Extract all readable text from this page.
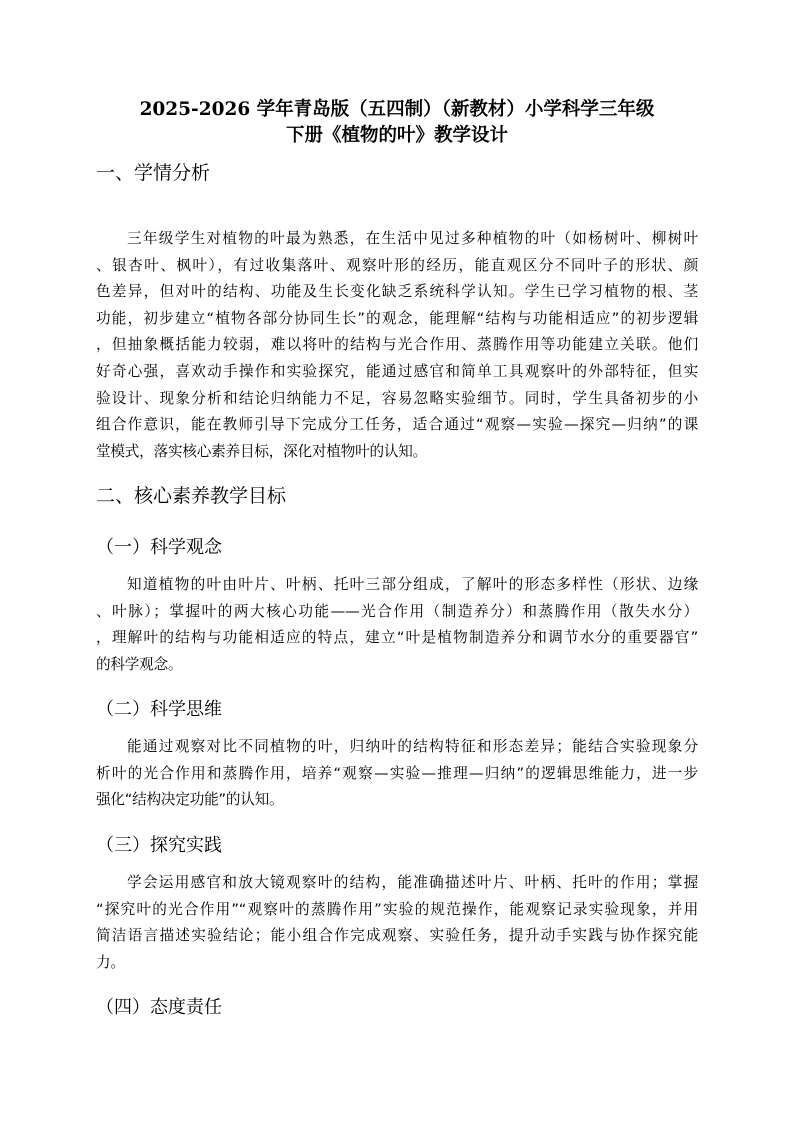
2025-2026 学年青岛版（五四制）（新教材）小学科学三年级
下册《植物的叶》教学设计
一、学情分析
三年级学生对植物的叶最为熟悉，在生活中见过多种植物的叶（如杨树叶、柳树叶
、银杏叶、枫叶），有过收集落叶、观察叶形的经历，能直观区分不同叶子的形状、颜
色差异，但对叶的结构、功能及生长变化缺乏系统科学认知。学生已学习植物的根、茎
功能，初步建立“植物各部分协同生长”的观念，能理解“结构与功能相适应”的初步逻辑
，但抽象概括能力较弱，难以将叶的结构与光合作用、蒸腾作用等功能建立关联。他们
好奇心强，喜欢动手操作和实验探究，能通过感官和简单工具观察叶的外部特征，但实
验设计、现象分析和结论归纳能力不足，容易忽略实验细节。同时，学生具备初步的小
组合作意识，能在教师引导下完成分工任务，适合通过“观察—实验—探究—归纳”的课
堂模式，落实核心素养目标，深化对植物叶的认知。
二、核心素养教学目标
（一）科学观念
知道植物的叶由叶片、叶柄、托叶三部分组成，了解叶的形态多样性（形状、边缘
、叶脉）；掌握叶的两大核心功能——光合作用（制造养分）和蒸腾作用（散失水分）
，理解叶的结构与功能相适应的特点，建立“叶是植物制造养分和调节水分的重要器官”
的科学观念。
（二）科学思维
能通过观察对比不同植物的叶，归纳叶的结构特征和形态差异；能结合实验现象分
析叶的光合作用和蒸腾作用，培养“观察—实验—推理—归纳”的逻辑思维能力，进一步
强化“结构决定功能”的认知。
（三）探究实践
学会运用感官和放大镜观察叶的结构，能准确描述叶片、叶柄、托叶的作用；掌握
“探究叶的光合作用”“观察叶的蒸腾作用”实验的规范操作，能观察记录实验现象，并用
简洁语言描述实验结论；能小组合作完成观察、实验任务，提升动手实践与协作探究能
力。
（四）态度责任
